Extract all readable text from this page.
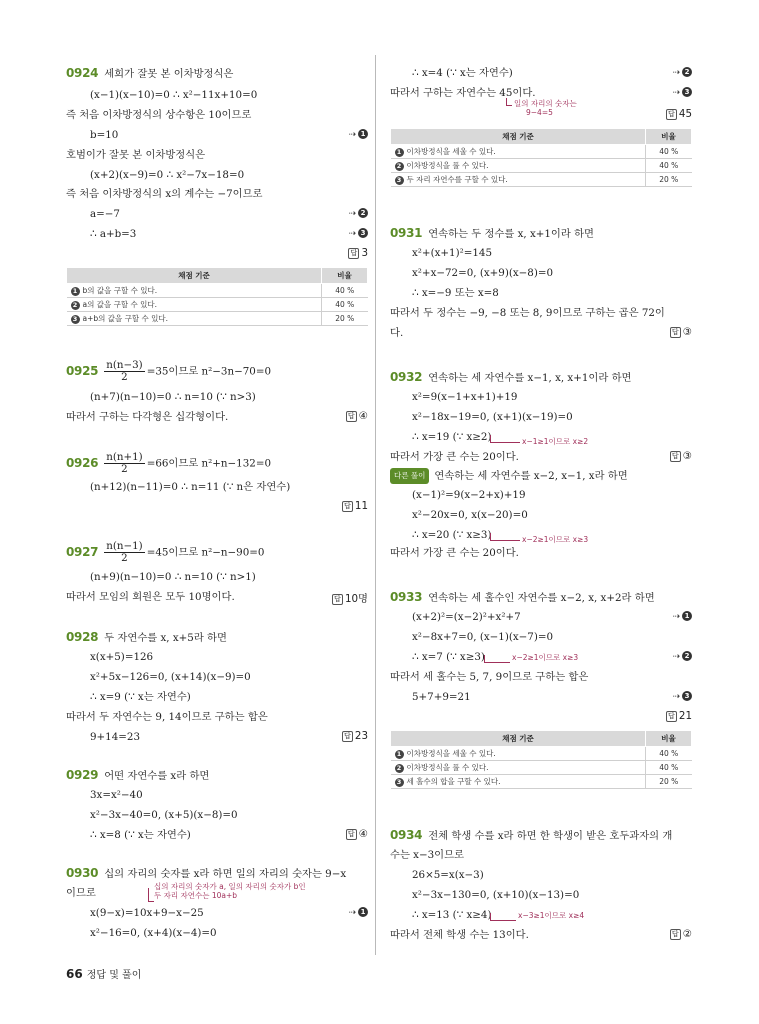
0924 세희가 잘못 본 이차방정식은
(x−1)(x−10)=0 ∴ x²−11x+10=0
즉 처음 이차방정식의 상수항은 10이므로
b=10	⇢ 1
호범이가 잘못 본 이차방정식은
(x+2)(x−9)=0 ∴ x²−7x−18=0
즉 처음 이차방정식의 x의 계수는 −7이므로
a=−7	⇢ 2
∴ a+b=3	⇢ 3
답 3
채점 기준	비율
1 b의 값을 구할 수 있다.	40 %
2 a의 값을 구할 수 있다.	40 %
3 a+b의 값을 구할 수 있다.	20 %
$0925 \frac{n(n-3)}{2} =35$이므로 n²−3n−70=0
(n+7)(n−10)=0 ∴ n=10 (∵ n>3)
따라서 구하는 다각형은 십각형이다.	답 ④
$0926 \frac{n(n+1)}{2} =66$이므로 n²+n−132=0
(n+12)(n−11)=0 ∴ n=11 (∵ n은 자연수)
답 11
$0927 \frac{n(n-1)}{2} =45$이므로 n²−n−90=0
(n+9)(n−10)=0 ∴ n=10 (∵ n>1)
따라서 모임의 회원은 모두 10명이다.	답 10명
0928 두 자연수를 x, x+5라 하면
x(x+5)=126
x²+5x−126=0, (x+14)(x−9)=0
∴ x=9 (∵ x는 자연수)
따라서 두 자연수는 9, 14이므로 구하는 합은
9+14=23	답 23
0929 어떤 자연수를 x라 하면
3x=x²−40
x²−3x−40=0, (x+5)(x−8)=0
∴ x=8 (∵ x는 자연수)	답 ④
0930 십의 자리의 숫자를 x라 하면 일의 자리의 숫자는 9−x
이므로
십의 자리의 숫자가 a, 일의 자리의 숫자가 b인
두 자리 자연수는 10a+b
x(9−x)=10x+9−x−25	⇢ 1
x²−16=0, (x+4)(x−4)=0
∴ x=4 (∵ x는 자연수)	⇢ 2
따라서 구하는 자연수는 45이다.	⇢ 3
일의 자리의 숫자는
9−4=5	답 45
채점 기준	비율
1 이차방정식을 세울 수 있다.	40 %
2 이차방정식을 풀 수 있다.	40 %
3 두 자리 자연수를 구할 수 있다.	20 %
0931 연속하는 두 정수를 x, x+1이라 하면
x²+(x+1)²=145
x²+x−72=0, (x+9)(x−8)=0
∴ x=−9 또는 x=8
따라서 두 정수는 −9, −8 또는 8, 9이므로 구하는 곱은 72이
다.	답 ③
0932 연속하는 세 자연수를 x−1, x, x+1이라 하면
x²=9(x−1+x+1)+19
x²−18x−19=0, (x+1)(x−19)=0
∴ x=19 (∵ x≥2)	x−1≥1이므로 x≥2
따라서 가장 큰 수는 20이다.	답 ③
다른 풀이 연속하는 세 자연수를 x−2, x−1, x라 하면
(x−1)²=9(x−2+x)+19
x²−20x=0, x(x−20)=0
∴ x=20 (∵ x≥3)	x−2≥1이므로 x≥3
따라서 가장 큰 수는 20이다.
0933 연속하는 세 홀수인 자연수를 x−2, x, x+2라 하면
(x+2)²=(x−2)²+x²+7	⇢ 1
x²−8x+7=0, (x−1)(x−7)=0
∴ x=7 (∵ x≥3)	x−2≥1이므로 x≥3	⇢ 2
따라서 세 홀수는 5, 7, 9이므로 구하는 합은
5+7+9=21	⇢ 3
답 21
채점 기준	비율
1 이차방정식을 세울 수 있다.	40 %
2 이차방정식을 풀 수 있다.	40 %
3 세 홀수의 합을 구할 수 있다.	20 %
0934 전체 학생 수를 x라 하면 한 학생이 받은 호두과자의 개
수는 x−3이므로
26×5=x(x−3)
x²−3x−130=0, (x+10)(x−13)=0
∴ x=13 (∵ x≥4)	x−3≥1이므로 x≥4
따라서 전체 학생 수는 13이다.	답 ②
66 정답 및 풀이
